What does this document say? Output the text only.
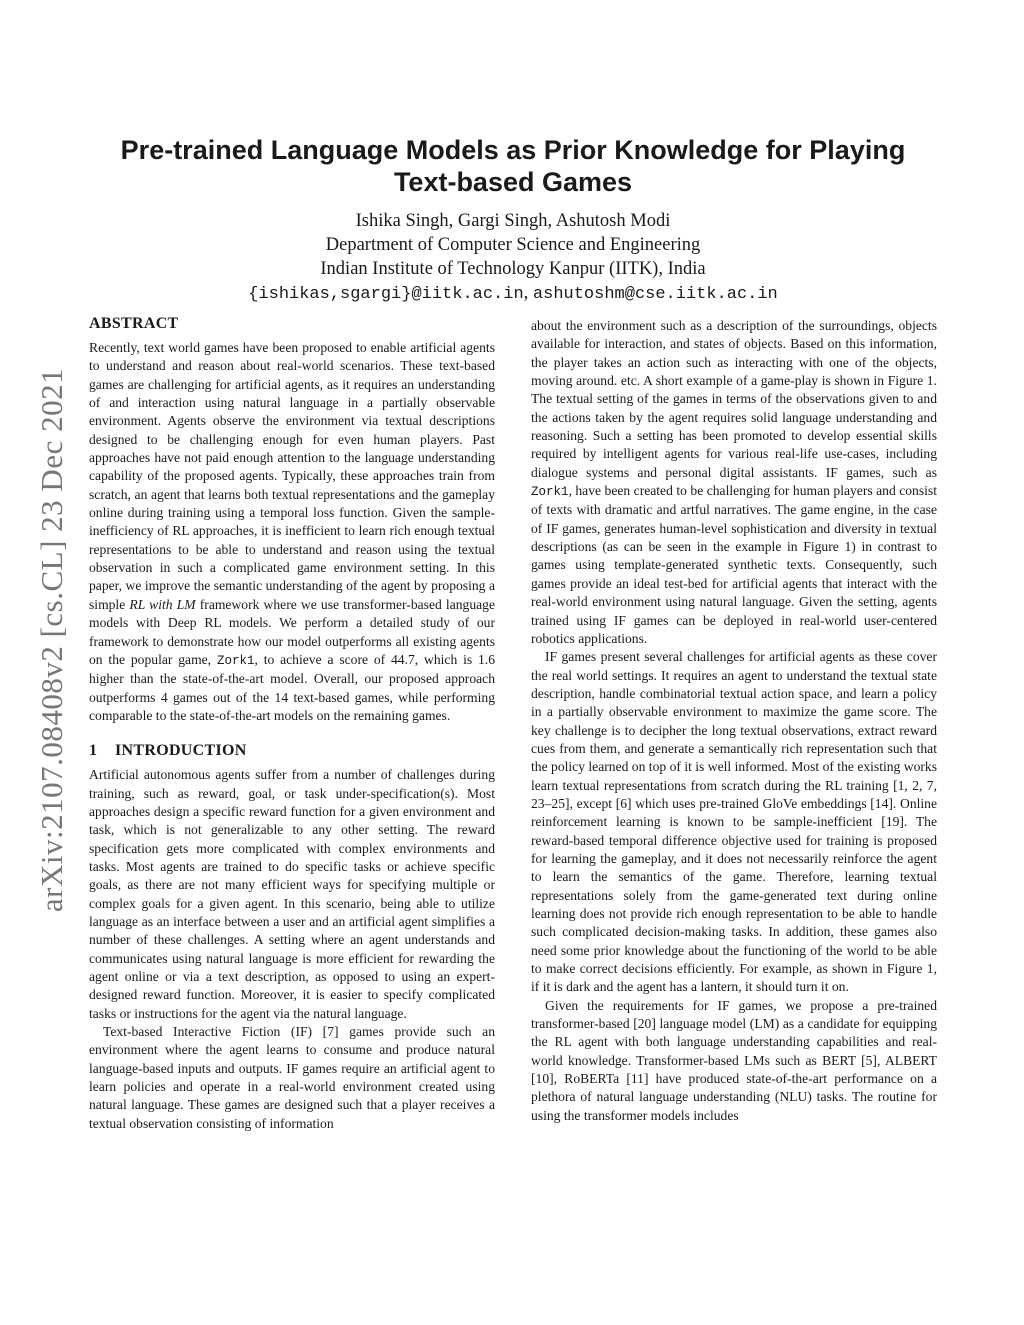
arXiv:2107.08408v2 [cs.CL] 23 Dec 2021
Pre-trained Language Models as Prior Knowledge for Playing
Text-based Games
Ishika Singh, Gargi Singh, Ashutosh Modi
Department of Computer Science and Engineering
Indian Institute of Technology Kanpur (IITK), India
{ishikas,sgargi}@iitk.ac.in, ashutoshm@cse.iitk.ac.in
ABSTRACT

Recently, text world games have been proposed to enable artificial agents to understand and reason about real-world scenarios. These text-based games are challenging for artificial agents, as it requires an understanding of and interaction using natural language in a partially observable environment. Agents observe the environment via textual descriptions designed to be challenging enough for even human players. Past approaches have not paid enough attention to the language understanding capability of the proposed agents. Typically, these approaches train from scratch, an agent that learns both textual representations and the gameplay online during training using a temporal loss function. Given the sample-inefficiency of RL approaches, it is inefficient to learn rich enough textual representations to be able to understand and reason using the textual observation in such a complicated game environment setting. In this paper, we improve the semantic understanding of the agent by proposing a simple RL with LM framework where we use transformer-based language models with Deep RL models. We perform a detailed study of our framework to demonstrate how our model outperforms all existing agents on the popular game, Zork1, to achieve a score of 44.7, which is 1.6 higher than the state-of-the-art model. Overall, our proposed approach outperforms 4 games out of the 14 text-based games, while performing comparable to the state-of-the-art models on the remaining games.

1 INTRODUCTION

Artificial autonomous agents suffer from a number of challenges during training, such as reward, goal, or task under-specification(s). Most approaches design a specific reward function for a given environment and task, which is not generalizable to any other setting. The reward specification gets more complicated with complex environments and tasks. Most agents are trained to do specific tasks or achieve specific goals, as there are not many efficient ways for specifying multiple or complex goals for a given agent. In this scenario, being able to utilize language as an interface between a user and an artificial agent simplifies a number of these challenges. A setting where an agent understands and communicates using natural language is more efficient for rewarding the agent online or via a text description, as opposed to using an expert-designed reward function. Moreover, it is easier to specify complicated tasks or instructions for the agent via the natural language.

Text-based Interactive Fiction (IF) [7] games provide such an environment where the agent learns to consume and produce natural language-based inputs and outputs. IF games require an artificial agent to learn policies and operate in a real-world environment created using natural language. These games are designed such that a player receives a textual observation consisting of information

about the environment such as a description of the surroundings, objects available for interaction, and states of objects. Based on this information, the player takes an action such as interacting with one of the objects, moving around. etc. A short example of a game-play is shown in Figure 1. The textual setting of the games in terms of the observations given to and the actions taken by the agent requires solid language understanding and reasoning. Such a setting has been promoted to develop essential skills required by intelligent agents for various real-life use-cases, including dialogue systems and personal digital assistants. IF games, such as Zork1, have been created to be challenging for human players and consist of texts with dramatic and artful narratives. The game engine, in the case of IF games, generates human-level sophistication and diversity in textual descriptions (as can be seen in the example in Figure 1) in contrast to games using template-generated synthetic texts. Consequently, such games provide an ideal test-bed for artificial agents that interact with the real-world environment using natural language. Given the setting, agents trained using IF games can be deployed in real-world user-centered robotics applications.

IF games present several challenges for artificial agents as these cover the real world settings. It requires an agent to understand the textual state description, handle combinatorial textual action space, and learn a policy in a partially observable environment to maximize the game score. The key challenge is to decipher the long textual observations, extract reward cues from them, and generate a semantically rich representation such that the policy learned on top of it is well informed. Most of the existing works learn textual representations from scratch during the RL training [1, 2, 7, 23–25], except [6] which uses pre-trained GloVe embeddings [14]. Online reinforcement learning is known to be sample-inefficient [19]. The reward-based temporal difference objective used for training is proposed for learning the gameplay, and it does not necessarily reinforce the agent to learn the semantics of the game. Therefore, learning textual representations solely from the game-generated text during online learning does not provide rich enough representation to be able to handle such complicated decision-making tasks. In addition, these games also need some prior knowledge about the functioning of the world to be able to make correct decisions efficiently. For example, as shown in Figure 1, if it is dark and the agent has a lantern, it should turn it on.

Given the requirements for IF games, we propose a pre-trained transformer-based [20] language model (LM) as a candidate for equipping the RL agent with both language understanding capabilities and real-world knowledge. Transformer-based LMs such as BERT [5], ALBERT [10], RoBERTa [11] have produced state-of-the-art performance on a plethora of natural language understanding (NLU) tasks. The routine for using the transformer models includes
